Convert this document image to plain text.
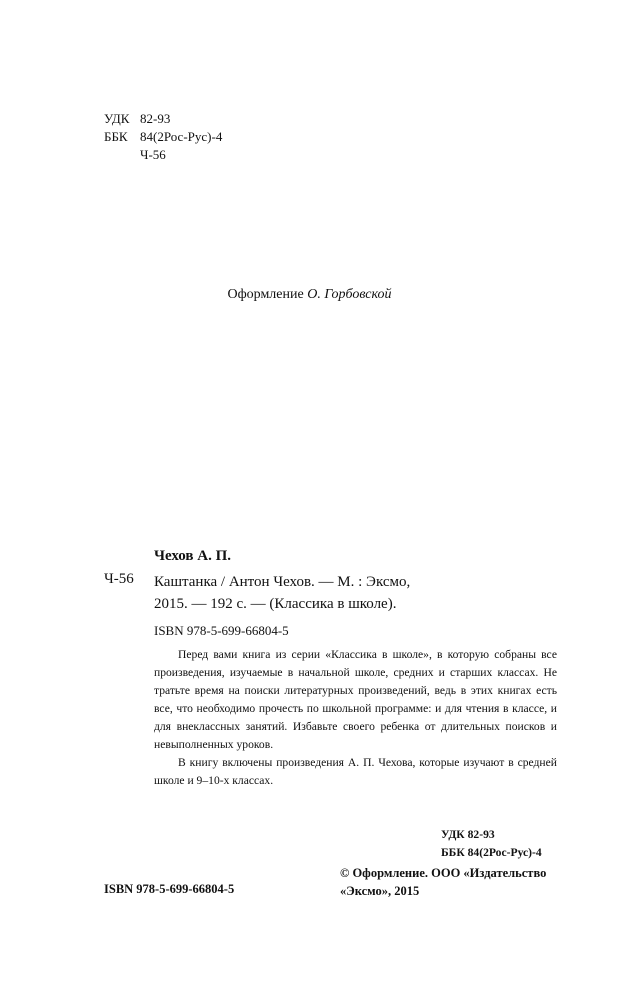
УДК 82-93
ББК 84(2Рос-Рус)-4
Ч-56
Оформление О. Горбовской
Чехов А. П.
Ч-56 Каштанка / Антон Чехов. — М. : Эксмо,
2015. — 192 с. — (Классика в школе).
ISBN 978-5-699-66804-5

Перед вами книга из серии «Классика в школе», в которую собраны все произведения, изучаемые в начальной школе, средних и старших классах. Не тратьте время на поиски литературных произведений, ведь в этих книгах есть все, что необходимо прочесть по школьной программе: и для чтения в классе, и для внеклассных занятий. Избавьте своего ребенка от длительных поисков и невыполненных уроков.

В книгу включены произведения А. П. Чехова, которые изучают в средней школе и 9–10-х классах.

УДК 82-93
ББК 84(2Рос-Рус)-4
© Оформление. ООО «Издательство «Эксмо», 2015
ISBN 978-5-699-66804-5
